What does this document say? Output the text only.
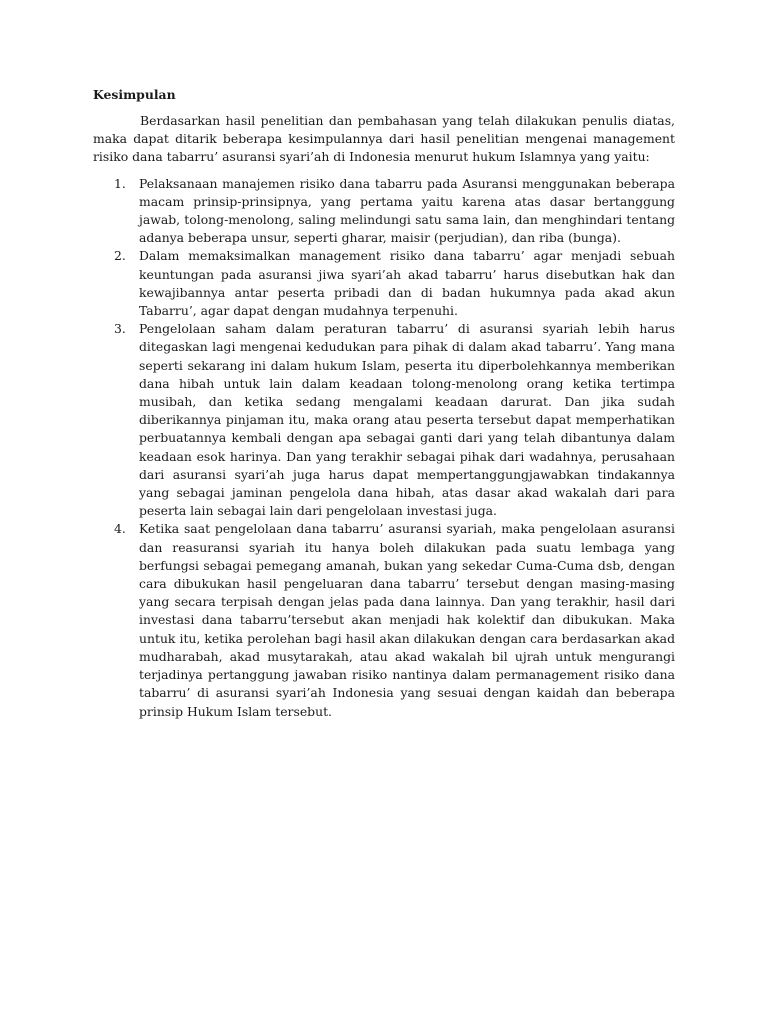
Kesimpulan

Berdasarkan hasil penelitian dan pembahasan yang telah dilakukan penulis diatas, maka dapat ditarik beberapa kesimpulannya dari hasil penelitian mengenai management risiko dana tabarru’ asuransi syari’ah di Indonesia menurut hukum Islamnya yang yaitu:

1. Pelaksanaan manajemen risiko dana tabarru pada Asuransi menggunakan beberapa macam prinsip-prinsipnya, yang pertama yaitu karena atas dasar bertanggung jawab, tolong-menolong, saling melindungi satu sama lain, dan menghindari tentang adanya beberapa unsur, seperti gharar, maisir (perjudian), dan riba (bunga).
2. Dalam memaksimalkan management risiko dana tabarru’ agar menjadi sebuah keuntungan pada asuransi jiwa syari’ah akad tabarru’ harus disebutkan hak dan kewajibannya antar peserta pribadi dan di badan hukumnya pada akad akun Tabarru’, agar dapat dengan mudahnya terpenuhi.
3. Pengelolaan saham dalam peraturan tabarru’ di asuransi syariah lebih harus ditegaskan lagi mengenai kedudukan para pihak di dalam akad tabarru’. Yang mana seperti sekarang ini dalam hukum Islam, peserta itu diperbolehkannya memberikan dana hibah untuk lain dalam keadaan tolong-menolong orang ketika tertimpa musibah, dan ketika sedang mengalami keadaan darurat. Dan jika sudah diberikannya pinjaman itu, maka orang atau peserta tersebut dapat memperhatikan perbuatannya kembali dengan apa sebagai ganti dari yang telah dibantunya dalam keadaan esok harinya. Dan yang terakhir sebagai pihak dari wadahnya, perusahaan dari asuransi syari’ah juga harus dapat mempertanggungjawabkan tindakannya yang sebagai jaminan pengelola dana hibah, atas dasar akad wakalah dari para peserta lain sebagai lain dari pengelolaan investasi juga.
4. Ketika saat pengelolaan dana tabarru’ asuransi syariah, maka pengelolaan asuransi dan reasuransi syariah itu hanya boleh dilakukan pada suatu lembaga yang berfungsi sebagai pemegang amanah, bukan yang sekedar Cuma-Cuma dsb, dengan cara dibukukan hasil pengeluaran dana tabarru’ tersebut dengan masing-masing yang secara terpisah dengan jelas pada dana lainnya. Dan yang terakhir, hasil dari investasi dana tabarru’tersebut akan menjadi hak kolektif dan dibukukan. Maka untuk itu, ketika perolehan bagi hasil akan dilakukan dengan cara berdasarkan akad mudharabah, akad musytarakah, atau akad wakalah bil ujrah untuk mengurangi terjadinya pertanggung jawaban risiko nantinya dalam permanagement risiko dana tabarru’ di asuransi syari’ah Indonesia yang sesuai dengan kaidah dan beberapa prinsip Hukum Islam tersebut.
